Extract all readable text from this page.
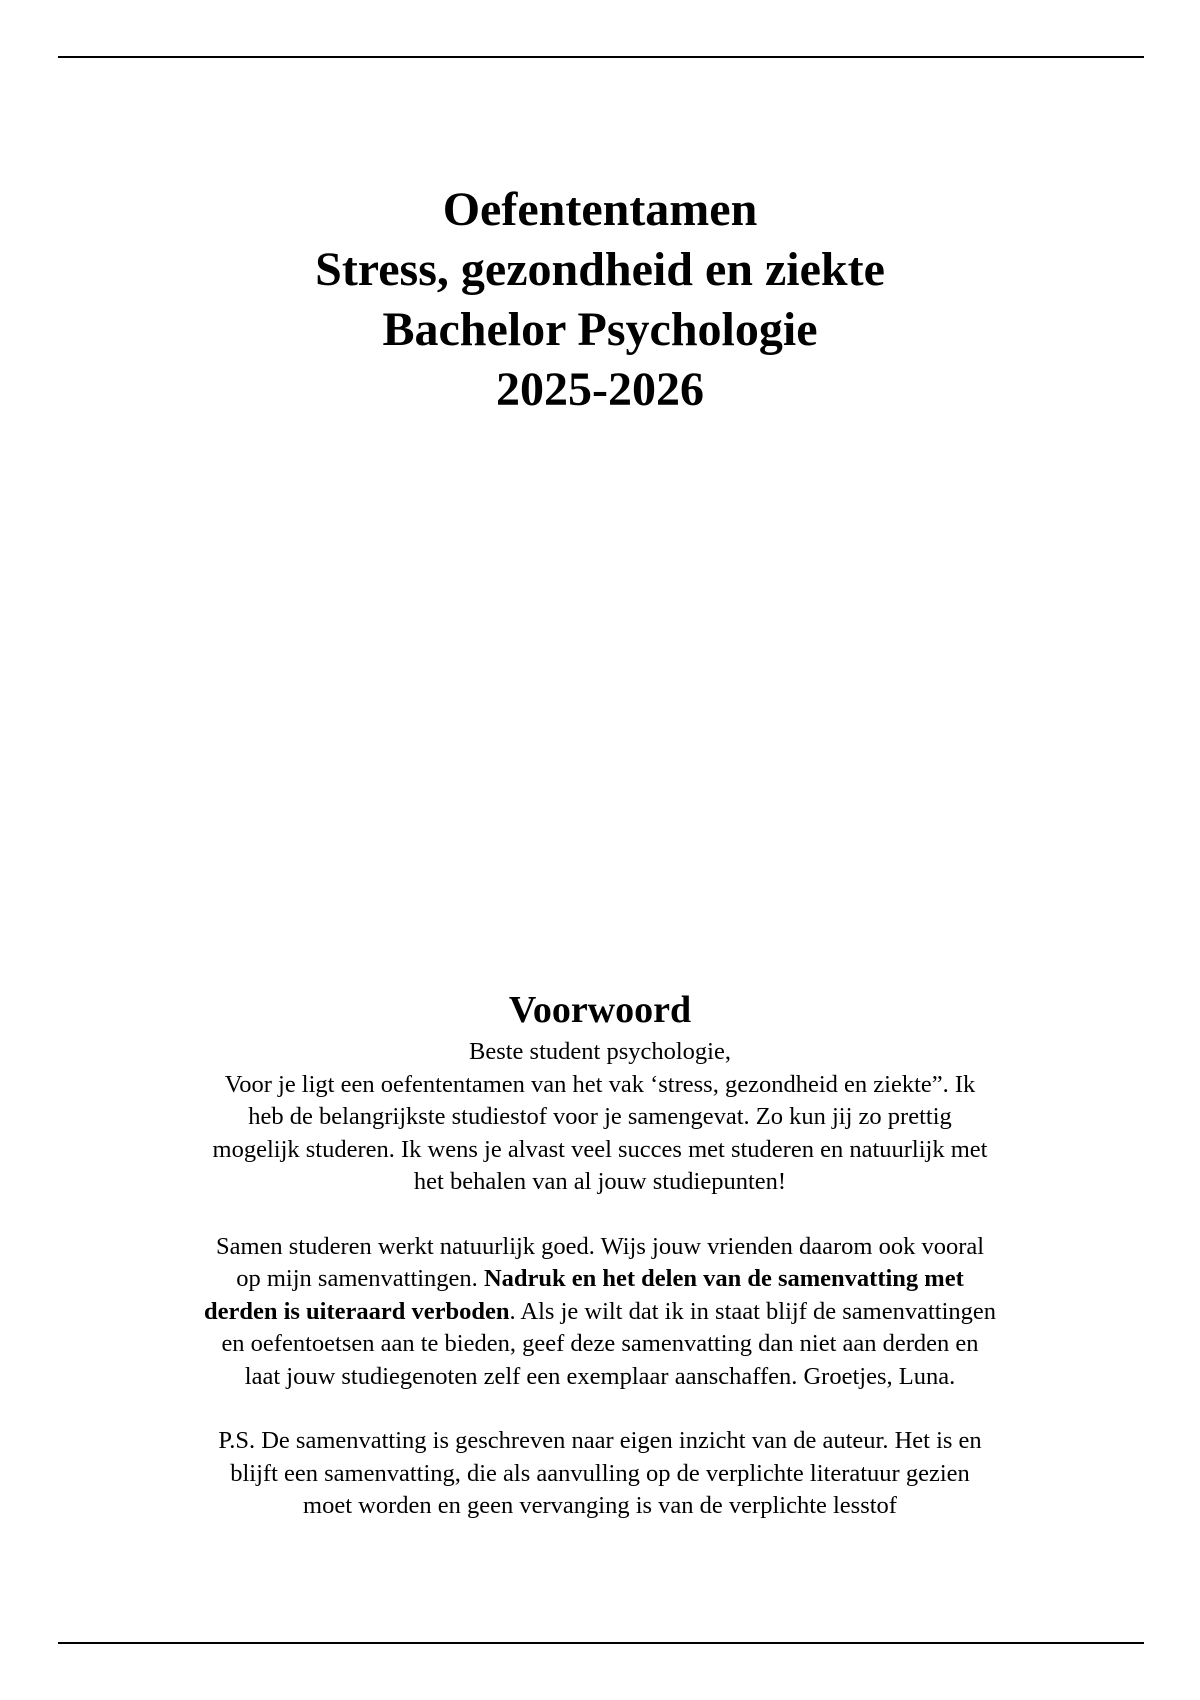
Oefententamen
Stress, gezondheid en ziekte
Bachelor Psychologie
2025-2026
Voorwoord

Beste student psychologie,
Voor je ligt een oefententamen van het vak ‘stress, gezondheid en ziekte”. Ik
heb de belangrijkste studiestof voor je samengevat. Zo kun jij zo prettig
mogelijk studeren. Ik wens je alvast veel succes met studeren en natuurlijk met
het behalen van al jouw studiepunten!

Samen studeren werkt natuurlijk goed. Wijs jouw vrienden daarom ook vooral
op mijn samenvattingen. Nadruk en het delen van de samenvatting met
derden is uiteraard verboden. Als je wilt dat ik in staat blijf de samenvattingen
en oefentoetsen aan te bieden, geef deze samenvatting dan niet aan derden en
laat jouw studiegenoten zelf een exemplaar aanschaffen. Groetjes, Luna.

P.S. De samenvatting is geschreven naar eigen inzicht van de auteur. Het is en
blijft een samenvatting, die als aanvulling op de verplichte literatuur gezien
moet worden en geen vervanging is van de verplichte lesstof
